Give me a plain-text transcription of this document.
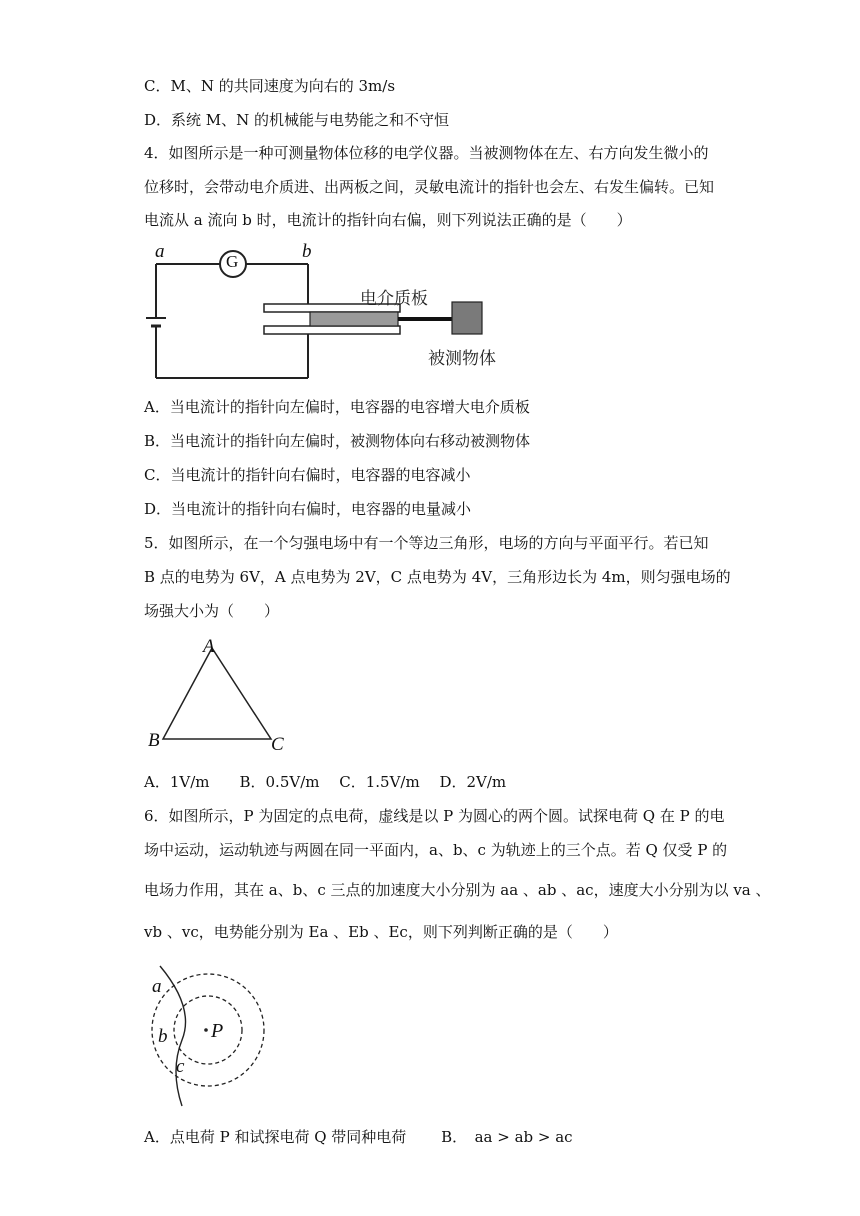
C．M、N 的共同速度为向右的 3m/s
D．系统 M、N 的机械能与电势能之和不守恒
4．如图所示是一种可测量物体位移的电学仪器。当被测物体在左、右方向发生微小的
位移时，会带动电介质进、出两板之间，灵敏电流计的指针也会左、右发生偏转。已知
电流从 a 流向 b 时，电流计的指针向右偏，则下列说法正确的是（　　）
a	b
G
电介质板
被测物体
A．当电流计的指针向左偏时，电容器的电容增大电介质板
B．当电流计的指针向左偏时，被测物体向右移动被测物体
C．当电流计的指针向右偏时，电容器的电容减小
D．当电流计的指针向右偏时，电容器的电量减小
5．如图所示，在一个匀强电场中有一个等边三角形，电场的方向与平面平行。若已知
B 点的电势为 6V，A 点电势为 2V，C 点电势为 4V，三角形边长为 4m，则匀强电场的
场强大小为（　　）
A
B	C
A．1V/m　　B．0.5V/m　 C．1.5V/m　 D．2V/m
6．如图所示，P 为固定的点电荷，虚线是以 P 为圆心的两个圆。试探电荷 Q 在 P 的电
场中运动，运动轨迹与两圆在同一平面内，a、b、c 为轨迹上的三个点。若 Q 仅受 P 的
电场力作用，其在 a、b、c 三点的加速度大小分别为 aa 、ab 、ac，速度大小分别为以 va 、
vb 、vc，电势能分别为 Ea 、Eb 、Ec，则下列判断正确的是（　　）
a
b
c
P
A．点电荷 P 和试探电荷 Q 带同种电荷　　 B．　aa > ab > ac
